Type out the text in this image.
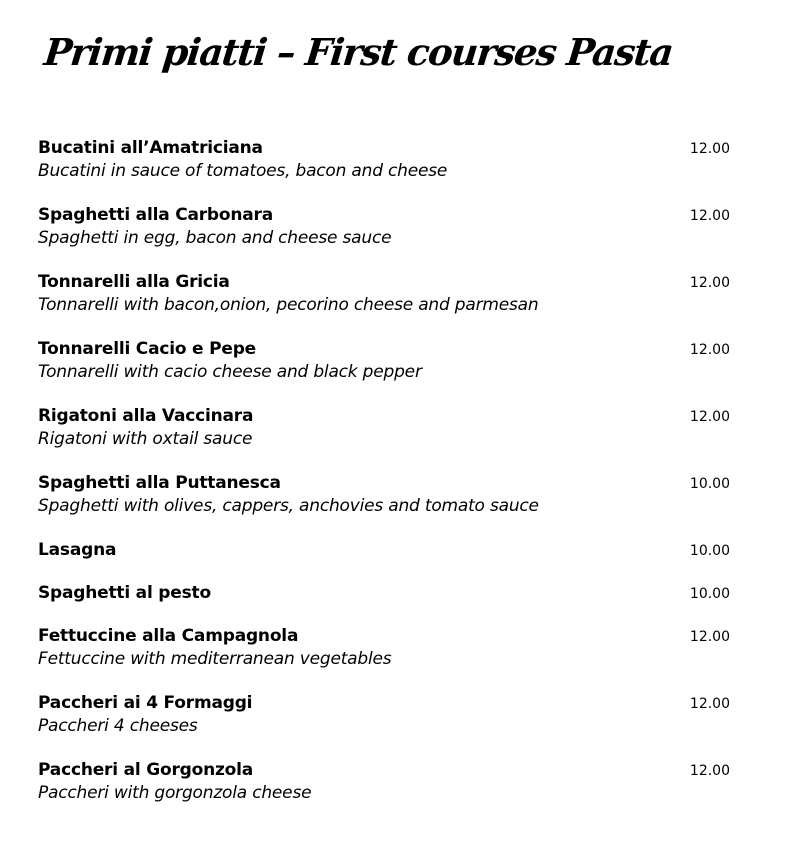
Primi piatti – First courses Pasta
Bucatini all’Amatriciana
Bucatini in sauce of tomatoes, bacon and cheese
12.00
Spaghetti alla Carbonara
Spaghetti in egg, bacon and cheese sauce
12.00
Tonnarelli alla Gricia
Tonnarelli with bacon,onion, pecorino cheese and parmesan
12.00
Tonnarelli Cacio e Pepe
Tonnarelli with cacio cheese and black pepper
12.00
Rigatoni alla Vaccinara
Rigatoni with oxtail sauce
12.00
Spaghetti alla Puttanesca
Spaghetti with olives, cappers, anchovies and tomato sauce
10.00
Lasagna	10.00
Spaghetti al pesto	10.00
Fettuccine alla Campagnola
Fettuccine with mediterranean vegetables
12.00
Paccheri ai 4 Formaggi
Paccheri 4 cheeses
12.00
Paccheri al Gorgonzola
Paccheri with gorgonzola cheese
12.00
